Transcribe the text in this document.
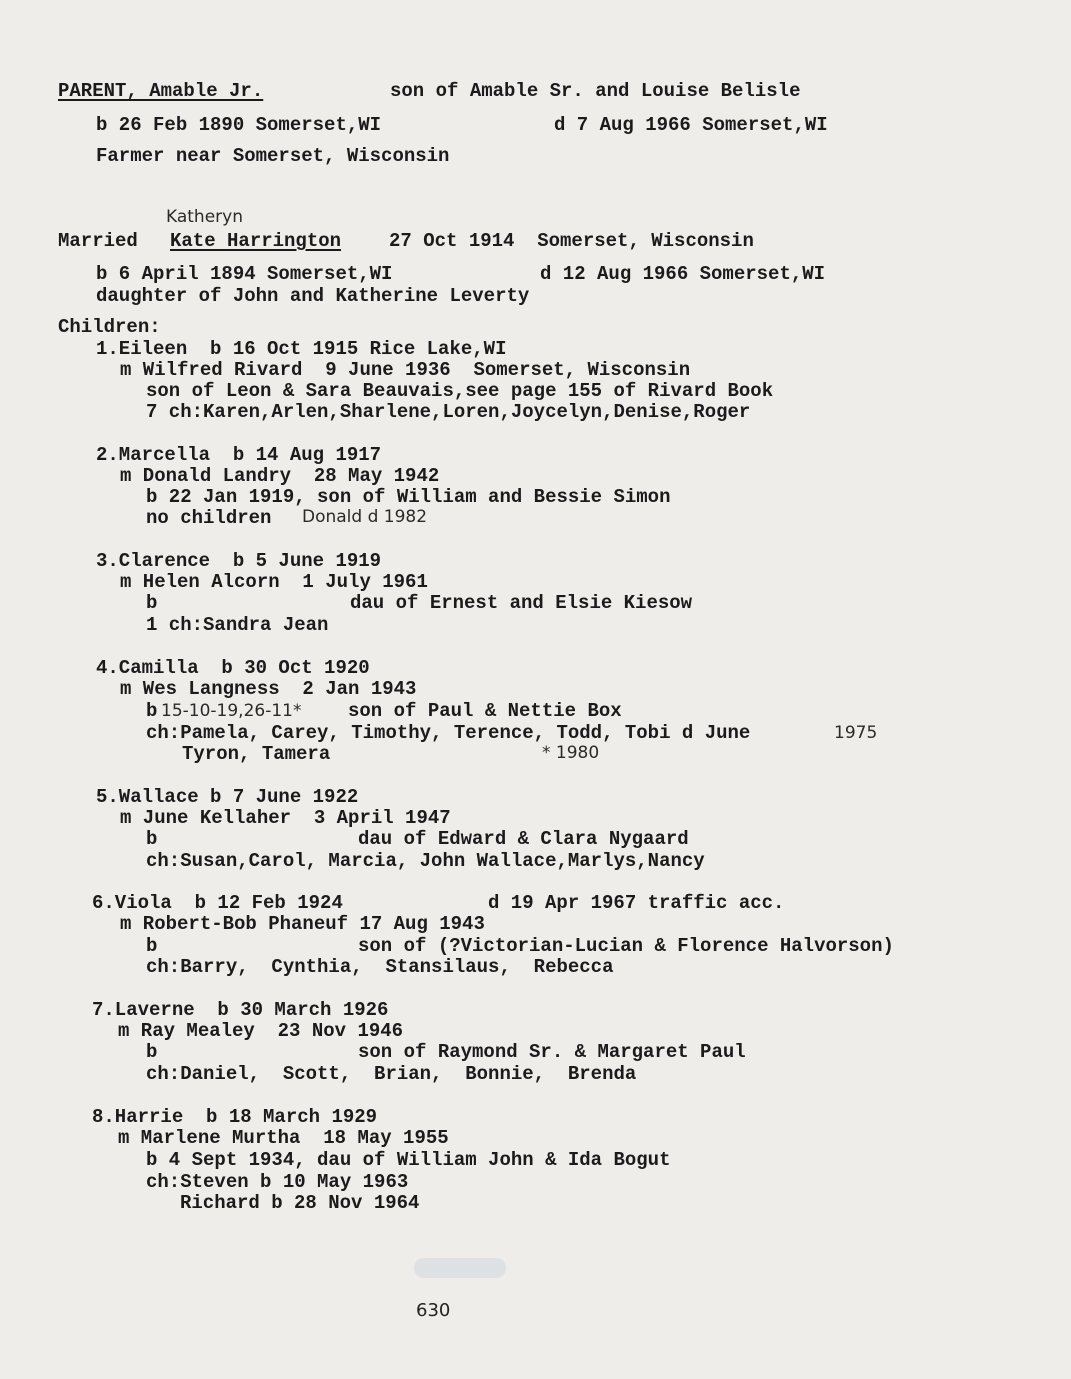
PARENT, Amable Jr.	son of Amable Sr. and Louise Belisle
b 26 Feb 1890 Somerset,WI	d 7 Aug 1966 Somerset,WI
Farmer near Somerset, Wisconsin
Katheryn
Married Kate Harrington	27 Oct 1914  Somerset, Wisconsin
b 6 April 1894 Somerset,WI	d 12 Aug 1966 Somerset,WI
daughter of John and Katherine Leverty
Children:
1.Eileen  b 16 Oct 1915 Rice Lake,WI
m Wilfred Rivard  9 June 1936  Somerset, Wisconsin
son of Leon & Sara Beauvais,see page 155 of Rivard Book
7 ch:Karen,Arlen,Sharlene,Loren,Joycelyn,Denise,Roger
2.Marcella  b 14 Aug 1917
m Donald Landry  28 May 1942
b 22 Jan 1919, son of William and Bessie Simon
no children Donald d 1982
3.Clarence  b 5 June 1919
m Helen Alcorn  1 July 1961
b	dau of Ernest and Elsie Kiesow
1 ch:Sandra Jean
4.Camilla  b 30 Oct 1920
m Wes Langness  2 Jan 1943
b 15-10-19,26-11* son of Paul & Nettie Box
ch:Pamela, Carey, Timothy, Terence, Todd, Tobi d June	1975
Tyron, Tamera	* 1980
5.Wallace b 7 June 1922
m June Kellaher  3 April 1947
b	dau of Edward & Clara Nygaard
ch:Susan,Carol, Marcia, John Wallace,Marlys,Nancy
6.Viola  b 12 Feb 1924	d 19 Apr 1967 traffic acc.
m Robert-Bob Phaneuf 17 Aug 1943
b	son of (?Victorian-Lucian & Florence Halvorson)
ch:Barry,  Cynthia,  Stansilaus,  Rebecca
7.Laverne  b 30 March 1926
m Ray Mealey  23 Nov 1946
b	son of Raymond Sr. & Margaret Paul
ch:Daniel,  Scott,  Brian,  Bonnie,  Brenda
8.Harrie  b 18 March 1929
m Marlene Murtha  18 May 1955
b 4 Sept 1934, dau of William John & Ida Bogut
ch:Steven b 10 May 1963
Richard b 28 Nov 1964
630
